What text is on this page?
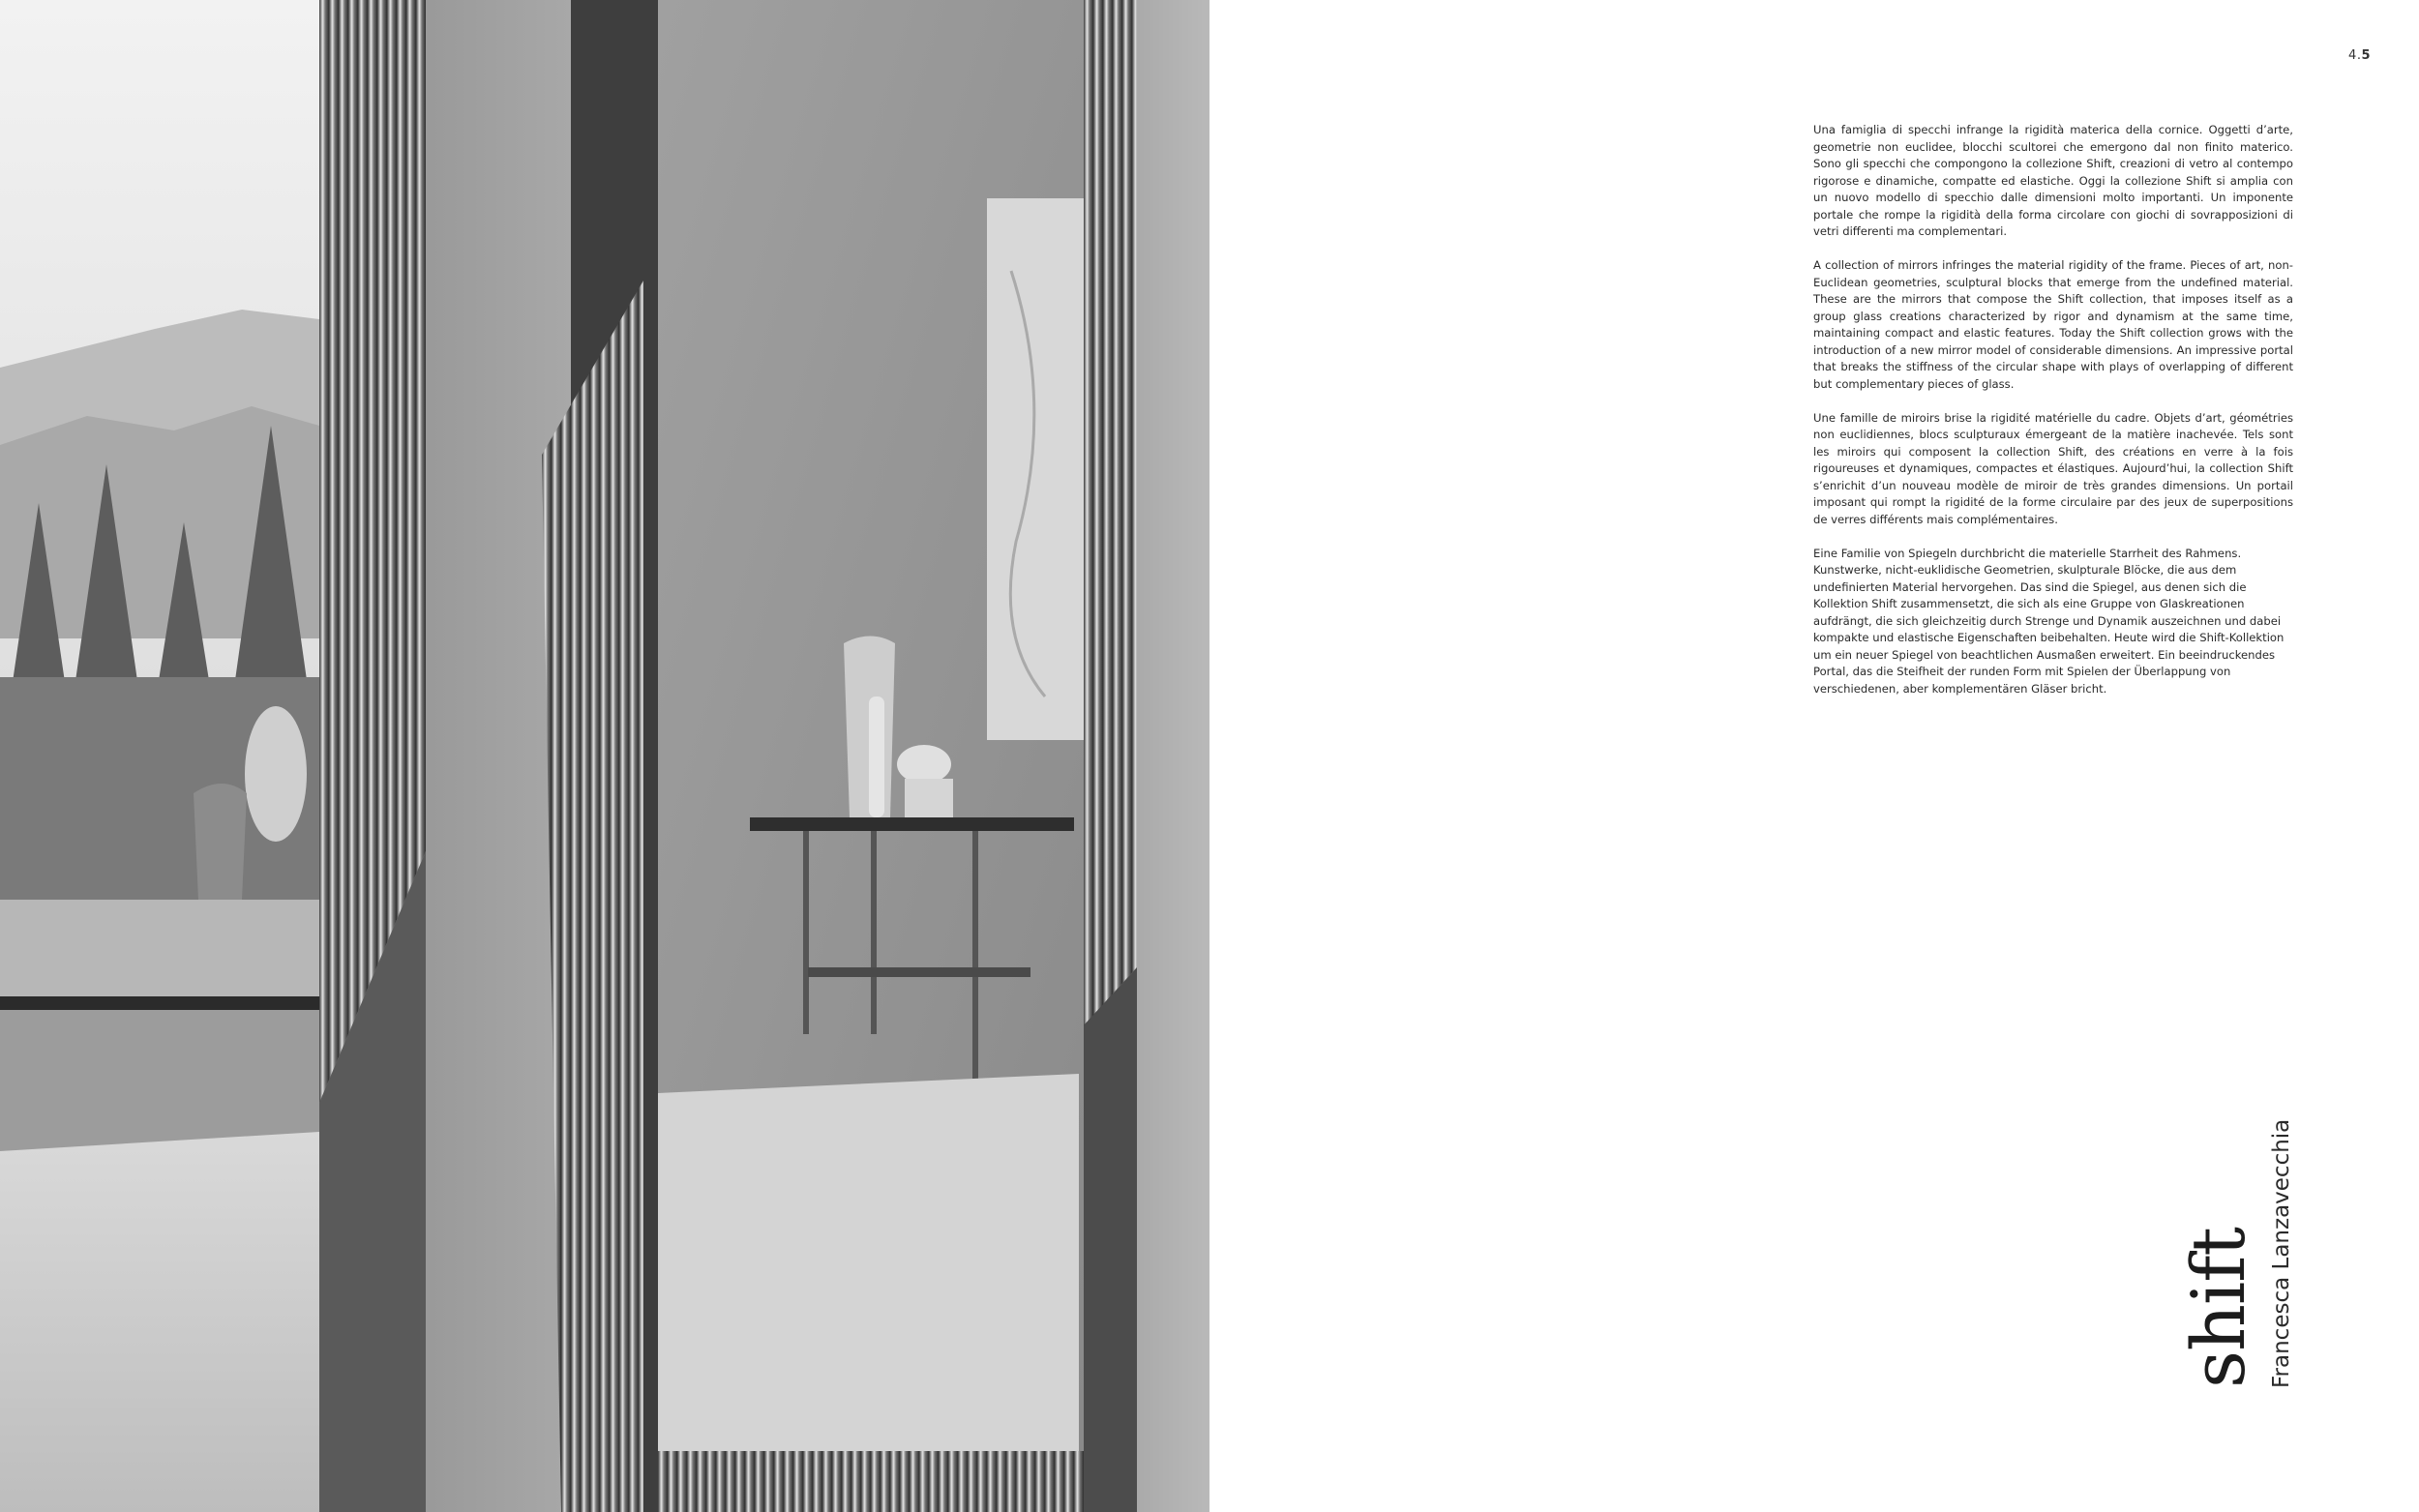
4.5

Una famiglia di specchi infrange la rigidità materica della cornice. Oggetti d’arte, geometrie non euclidee, blocchi scultorei che emergono dal non finito materico. Sono gli specchi che compongono la collezione Shift, creazioni di vetro al contempo rigorose e dinamiche, compatte ed elastiche. Oggi la collezione Shift si amplia con un nuovo modello di specchio dalle dimensioni molto importanti. Un imponente portale che rompe la rigidità della forma circolare con giochi di sovrapposizioni di vetri differenti ma complementari.

A collection of mirrors infringes the material rigidity of the frame. Pieces of art, non-Euclidean geometries, sculptural blocks that emerge from the undefined material. These are the mirrors that compose the Shift collection, that imposes itself as a group glass creations characterized by rigor and dynamism at the same time, maintaining compact and elastic features. Today the Shift collection grows with the introduction of a new mirror model of considerable dimensions. An impressive portal that breaks the stiffness of the circular shape with plays of overlapping of different but complementary pieces of glass.

Une famille de miroirs brise la rigidité matérielle du cadre. Objets d’art, géométries non euclidiennes, blocs sculpturaux émergeant de la matière inachevée. Tels sont les miroirs qui composent la collection Shift, des créations en verre à la fois rigoureuses et dynamiques, compactes et élastiques. Aujourd’hui, la collection Shift s’enrichit d’un nouveau modèle de miroir de très grandes dimensions. Un portail imposant qui rompt la rigidité de la forme circulaire par des jeux de superpositions de verres différents mais complémentaires.

Eine Familie von Spiegeln durchbricht die materielle Starrheit des Rahmens. Kunstwerke, nicht-euklidische Geometrien, skulpturale Blöcke, die aus dem undefinierten Material hervorgehen. Das sind die Spiegel, aus denen sich die Kollektion Shift zusammensetzt, die sich als eine Gruppe von Glaskreationen aufdrängt, die sich gleichzeitig durch Strenge und Dynamik auszeichnen und dabei kompakte und elastische Eigenschaften beibehalten. Heute wird die Shift-Kollektion um ein neuer Spiegel von beachtlichen Ausmaßen erweitert. Ein beeindruckendes Portal, das die Steifheit der runden Form mit Spielen der Überlappung von verschiedenen, aber komplementären Gläser bricht.

shift Francesca Lanzavecchia
